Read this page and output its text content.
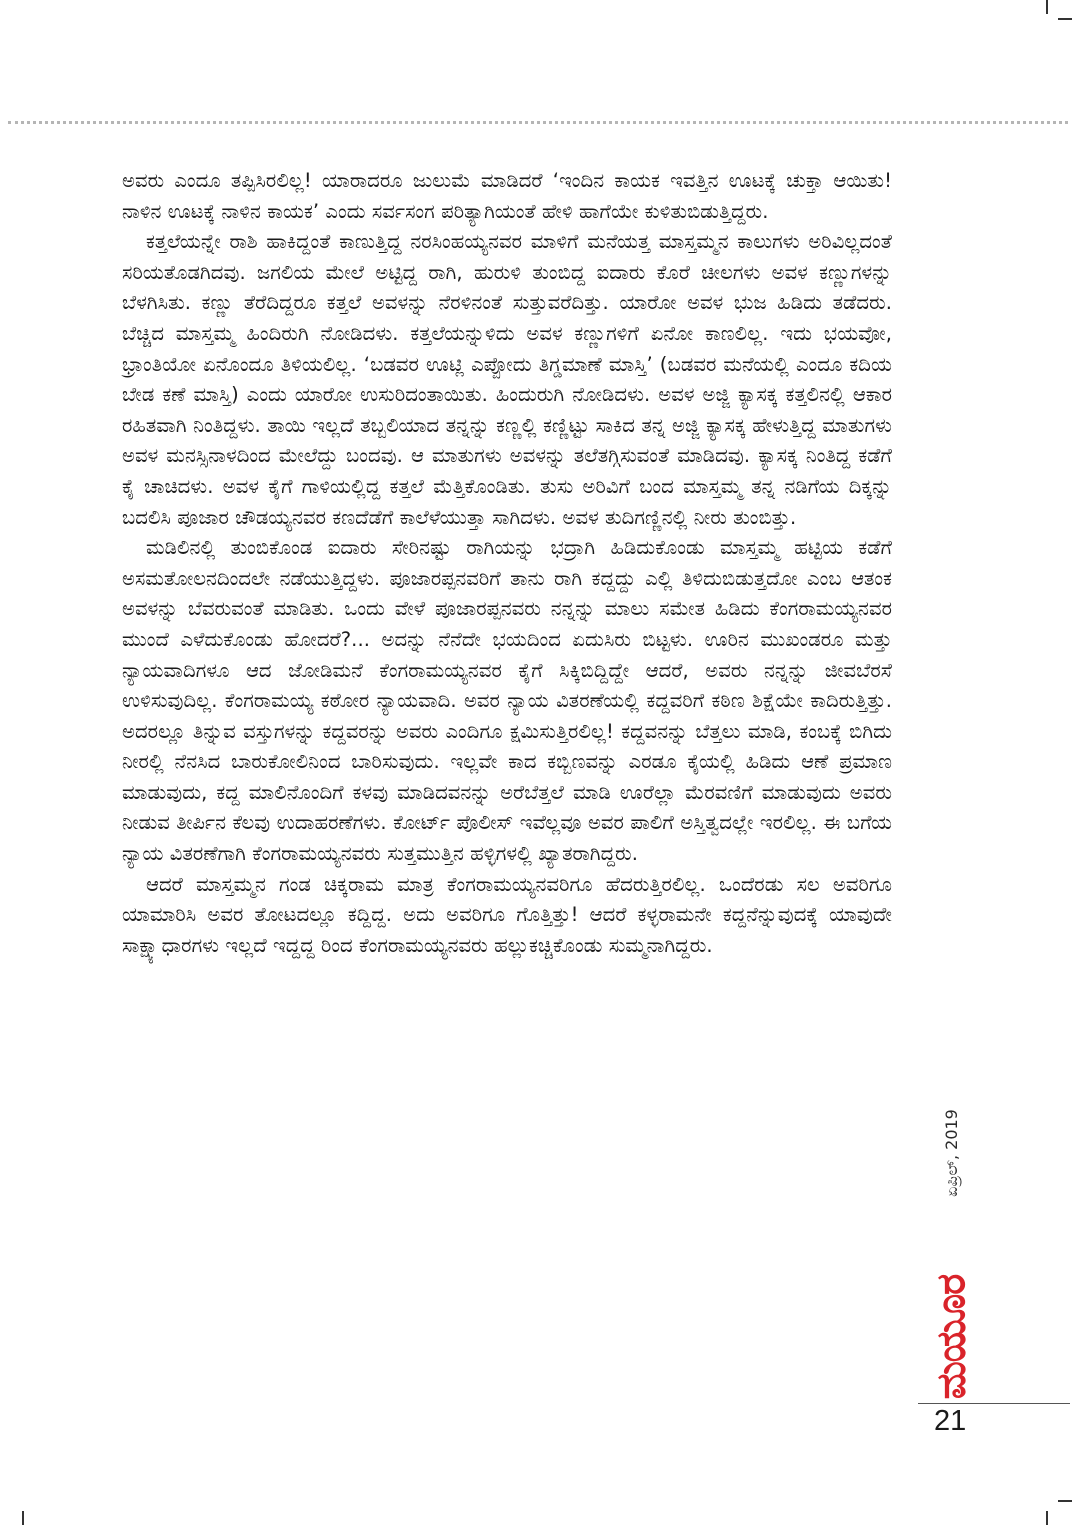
ಅವರು ಎಂದೂ ತಪ್ಪಿಸಿರಲಿಲ್ಲ! ಯಾರಾದರೂ ಜುಲುಮೆ ಮಾಡಿದರೆ ‘ಇಂದಿನ ಕಾಯಕ ಇವತ್ತಿನ ಊಟಕ್ಕೆ ಚುಕ್ತಾ ಆಯಿತು! ನಾಳಿನ ಊಟಕ್ಕೆ ನಾಳಿನ ಕಾಯಕ’ ಎಂದು ಸರ್ವಸಂಗ ಪರಿತ್ಯಾಗಿಯಂತೆ ಹೇಳಿ ಹಾಗೆಯೇ ಕುಳಿತುಬಿಡುತ್ತಿದ್ದರು.

ಕತ್ತಲೆಯನ್ನೇ ರಾಶಿ ಹಾಕಿದ್ದಂತೆ ಕಾಣುತ್ತಿದ್ದ ನರಸಿಂಹಯ್ಯನವರ ಮಾಳಿಗೆ ಮನೆಯತ್ತ ಮಾಸ್ತಮ್ಮನ ಕಾಲುಗಳು ಅರಿವಿಲ್ಲದಂತೆ ಸರಿಯತೊಡಗಿದವು. ಜಗಲಿಯ ಮೇಲೆ ಅಟ್ಟಿದ್ದ ರಾಗಿ, ಹುರುಳಿ ತುಂಬಿದ್ದ ಐದಾರು ಕೊರೆ ಚೀಲಗಳು ಅವಳ ಕಣ್ಣುಗಳನ್ನು ಬೆಳಗಿಸಿತು. ಕಣ್ಣು ತೆರೆದಿದ್ದರೂ ಕತ್ತಲೆ ಅವಳನ್ನು ನೆರಳಿನಂತೆ ಸುತ್ತುವರೆದಿತ್ತು. ಯಾರೋ ಅವಳ ಭುಜ ಹಿಡಿದು ತಡೆದರು. ಬೆಚ್ಚಿದ ಮಾಸ್ತಮ್ಮ ಹಿಂದಿರುಗಿ ನೋಡಿದಳು. ಕತ್ತಲೆಯನ್ನುಳಿದು ಅವಳ ಕಣ್ಣುಗಳಿಗೆ ಏನೋ ಕಾಣಲಿಲ್ಲ. ಇದು ಭಯವೋ, ಭ್ರಾಂತಿಯೋ ಏನೊಂದೂ ತಿಳಿಯಲಿಲ್ಲ. ‘ಬಡವರ ಊಟ್ಲಿ ಎಪ್ಪೋದು ತಿಗ್ಡಮಾಣೆ ಮಾಸ್ತಿ’ (ಬಡವರ ಮನೆಯಲ್ಲಿ ಎಂದೂ ಕದಿಯ ಬೇಡ ಕಣೆ ಮಾಸ್ತಿ) ಎಂದು ಯಾರೋ ಉಸುರಿದಂತಾಯಿತು. ಹಿಂದುರುಗಿ ನೋಡಿದಳು. ಅವಳ ಅಜ್ಜಿ ಕ್ಯಾಸಕ್ಕ ಕತ್ತಲಿನಲ್ಲಿ ಆಕಾರ ರಹಿತವಾಗಿ ನಿಂತಿದ್ದಳು. ತಾಯಿ ಇಲ್ಲದೆ ತಬ್ಬಲಿಯಾದ ತನ್ನನ್ನು ಕಣ್ಣಲ್ಲಿ ಕಣ್ಣಿಟ್ಟು ಸಾಕಿದ ತನ್ನ ಅಜ್ಜಿ ಕ್ಯಾಸಕ್ಕ ಹೇಳುತ್ತಿದ್ದ ಮಾತುಗಳು ಅವಳ ಮನಸ್ಸಿನಾಳದಿಂದ ಮೇಲೆದ್ದು ಬಂದವು. ಆ ಮಾತುಗಳು ಅವಳನ್ನು ತಲೆತಗ್ಗಿಸುವಂತೆ ಮಾಡಿದವು. ಕ್ಯಾಸಕ್ಕ ನಿಂತಿದ್ದ ಕಡೆಗೆ ಕೈ ಚಾಚಿದಳು. ಅವಳ ಕೈಗೆ ಗಾಳಿಯಲ್ಲಿದ್ದ ಕತ್ತಲೆ ಮೆತ್ತಿಕೊಂಡಿತು. ತುಸು ಅರಿವಿಗೆ ಬಂದ ಮಾಸ್ತಮ್ಮ ತನ್ನ ನಡಿಗೆಯ ದಿಕ್ಕನ್ನು ಬದಲಿಸಿ ಪೂಜಾರ ಚೌಡಯ್ಯನವರ ಕಣದೆಡೆಗೆ ಕಾಲೆಳೆಯುತ್ತಾ ಸಾಗಿದಳು. ಅವಳ ತುದಿಗಣ್ಣಿನಲ್ಲಿ ನೀರು ತುಂಬಿತ್ತು.

ಮಡಿಲಿನಲ್ಲಿ ತುಂಬಿಕೊಂಡ ಐದಾರು ಸೇರಿನಷ್ಟು ರಾಗಿಯನ್ನು ಭದ್ರಾಗಿ ಹಿಡಿದುಕೊಂಡು ಮಾಸ್ತಮ್ಮ ಹಟ್ಟಿಯ ಕಡೆಗೆ ಅಸಮತೋಲನದಿಂದಲೇ ನಡೆಯುತ್ತಿದ್ದಳು. ಪೂಜಾರಪ್ಪನವರಿಗೆ ತಾನು ರಾಗಿ ಕದ್ದದ್ದು ಎಲ್ಲಿ ತಿಳಿದುಬಿಡುತ್ತದೋ ಎಂಬ ಆತಂಕ ಅವಳನ್ನು ಬೆವರುವಂತೆ ಮಾಡಿತು. ಒಂದು ವೇಳೆ ಪೂಜಾರಪ್ಪನವರು ನನ್ನನ್ನು ಮಾಲು ಸಮೇತ ಹಿಡಿದು ಕೆಂಗರಾಮಯ್ಯನವರ ಮುಂದೆ ಎಳೆದುಕೊಂಡು ಹೋದರೆ?... ಅದನ್ನು ನೆನೆದೇ ಭಯದಿಂದ ಏದುಸಿರು ಬಿಟ್ಟಳು. ಊರಿನ ಮುಖಂಡರೂ ಮತ್ತು ನ್ಯಾಯವಾದಿಗಳೂ ಆದ ಜೋಡಿಮನೆ ಕೆಂಗರಾಮಯ್ಯನವರ ಕೈಗೆ ಸಿಕ್ಕಿಬಿದ್ದಿದ್ದೇ ಆದರೆ, ಅವರು ನನ್ನನ್ನು ಜೀವಬೆರಸೆ ಉಳಿಸುವುದಿಲ್ಲ. ಕೆಂಗರಾಮಯ್ಯ ಕಠೋರ ನ್ಯಾಯವಾದಿ. ಅವರ ನ್ಯಾಯ ವಿತರಣೆಯಲ್ಲಿ ಕದ್ದವರಿಗೆ ಕಠಿಣ ಶಿಕ್ಷೆಯೇ ಕಾದಿರುತ್ತಿತ್ತು. ಅದರಲ್ಲೂ ತಿನ್ನುವ ವಸ್ತುಗಳನ್ನು ಕದ್ದವರನ್ನು ಅವರು ಎಂದಿಗೂ ಕ್ಷಮಿಸುತ್ತಿರಲಿಲ್ಲ! ಕದ್ದವನನ್ನು ಬೆತ್ತಲು ಮಾಡಿ, ಕಂಬಕ್ಕೆ ಬಿಗಿದು ನೀರಲ್ಲಿ ನೆನಸಿದ ಬಾರುಕೋಲಿನಿಂದ ಬಾರಿಸುವುದು. ಇಲ್ಲವೇ ಕಾದ ಕಬ್ಬಿಣವನ್ನು ಎರಡೂ ಕೈಯಲ್ಲಿ ಹಿಡಿದು ಆಣೆ ಪ್ರಮಾಣ ಮಾಡುವುದು, ಕದ್ದ ಮಾಲಿನೊಂದಿಗೆ ಕಳವು ಮಾಡಿದವನನ್ನು ಅರೆಬೆತ್ತಲೆ ಮಾಡಿ ಊರೆಲ್ಲಾ ಮೆರವಣಿಗೆ ಮಾಡುವುದು ಅವರು ನೀಡುವ ತೀರ್ಪಿನ ಕೆಲವು ಉದಾಹರಣೆಗಳು. ಕೋರ್ಟ್ ಪೊಲೀಸ್ ಇವೆಲ್ಲವೂ ಅವರ ಪಾಲಿಗೆ ಅಸ್ತಿತ್ವದಲ್ಲೇ ಇರಲಿಲ್ಲ. ಈ ಬಗೆಯ ನ್ಯಾಯ ವಿತರಣೆಗಾಗಿ ಕೆಂಗರಾಮಯ್ಯನವರು ಸುತ್ತಮುತ್ತಿನ ಹಳ್ಳಿಗಳಲ್ಲಿ ಖ್ಯಾತರಾಗಿದ್ದರು.

ಆದರೆ ಮಾಸ್ತಮ್ಮನ ಗಂಡ ಚಿಕ್ಕರಾಮ ಮಾತ್ರ ಕೆಂಗರಾಮಯ್ಯನವರಿಗೂ ಹೆದರುತ್ತಿರಲಿಲ್ಲ. ಒಂದೆರಡು ಸಲ ಅವರಿಗೂ ಯಾಮಾರಿಸಿ ಅವರ ತೋಟದಲ್ಲೂ ಕದ್ದಿದ್ದ. ಅದು ಅವರಿಗೂ ಗೊತ್ತಿತ್ತು! ಆದರೆ ಕಳ್ಳರಾಮನೇ ಕದ್ದನೆನ್ನುವುದಕ್ಕೆ ಯಾವುದೇ ಸಾಕ್ಷ್ಯಾಧಾರಗಳು ಇಲ್ಲದೆ ಇದ್ದದ್ದ ರಿಂದ ಕೆಂಗರಾಮಯ್ಯನವರು ಹಲ್ಲುಕಚ್ಚಿಕೊಂಡು ಸುಮ್ಮನಾಗಿದ್ದರು.

ಏಪ್ರಿಲ್, 2019
ಮಯೂರ
21
